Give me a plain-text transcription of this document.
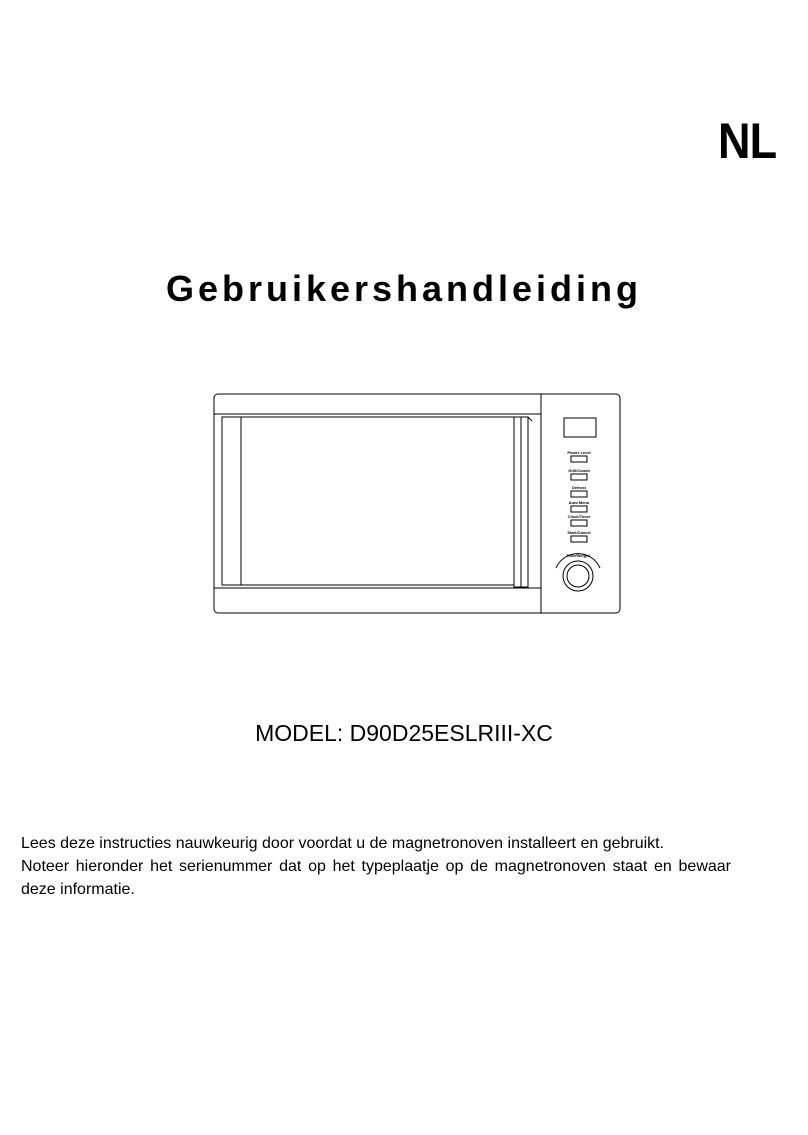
NL
Gebruikershandleiding
Power Level
Grill/Combi
Defrost
Auto Menu
Clock/Timer
Start/Cancel
Time/Weight
MODEL: D90D25ESLRIII-XC

Lees deze instructies nauwkeurig door voordat u de magnetronoven installeert en gebruikt.

Noteer hieronder het serienummer dat op het typeplaatje op de magnetronoven staat en bewaar deze informatie.
